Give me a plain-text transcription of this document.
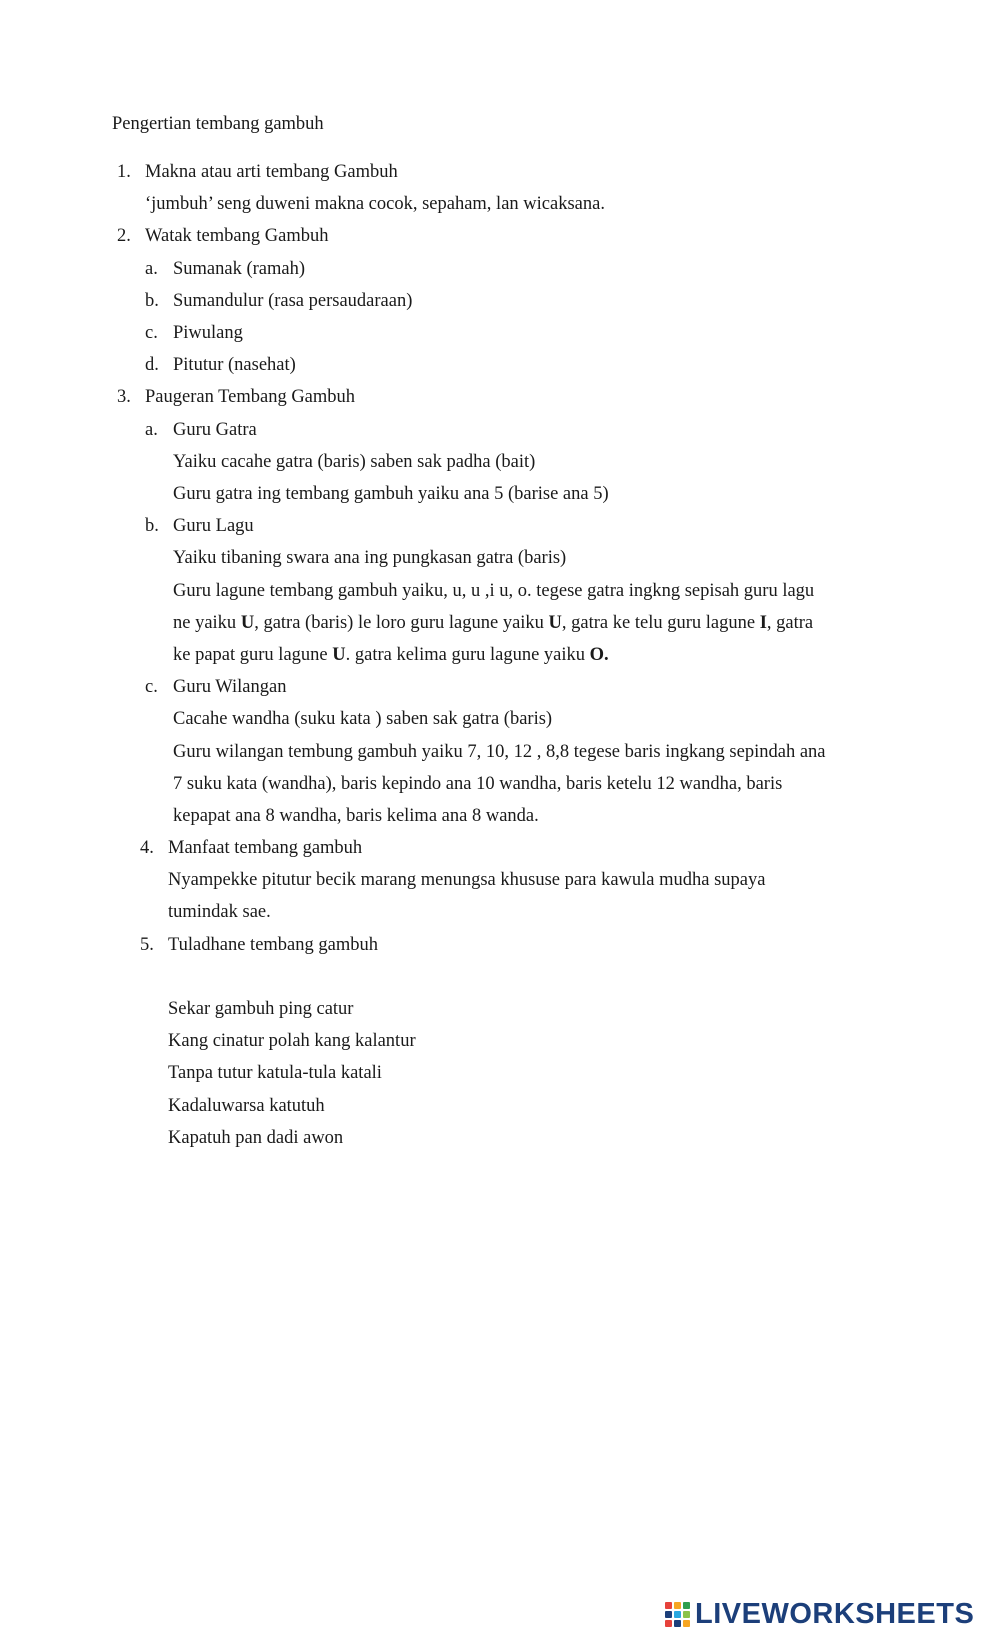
Pengertian tembang gambuh
1. Makna atau arti tembang Gambuh
‘jumbuh’ seng duweni makna cocok, sepaham, lan wicaksana.
2. Watak tembang Gambuh
a. Sumanak (ramah)
b. Sumandulur (rasa persaudaraan)
c. Piwulang
d. Pitutur (nasehat)
3. Paugeran Tembang Gambuh
a. Guru Gatra
Yaiku cacahe gatra (baris) saben sak padha (bait)
Guru gatra ing tembang gambuh yaiku ana 5 (barise ana 5)
b. Guru Lagu
Yaiku tibaning swara ana ing pungkasan gatra (baris)
Guru lagune tembang gambuh yaiku, u, u ,i u, o. tegese gatra ingkng sepisah guru lagu
ne yaiku U, gatra (baris) le loro guru lagune yaiku U, gatra ke telu guru lagune I, gatra
ke papat guru lagune U. gatra kelima guru lagune yaiku O.
c. Guru Wilangan
Cacahe wandha (suku kata ) saben sak gatra (baris)
Guru wilangan tembung gambuh yaiku 7, 10, 12 , 8,8 tegese baris ingkang sepindah ana
7 suku kata (wandha), baris kepindo ana 10 wandha, baris ketelu 12 wandha, baris
kepapat ana 8 wandha, baris kelima ana 8 wanda.
4. Manfaat tembang gambuh
Nyampekke pitutur becik marang menungsa khususe para kawula mudha supaya
tumindak sae.
5. Tuladhane tembang gambuh
Sekar gambuh ping catur
Kang cinatur polah kang kalantur
Tanpa tutur katula-tula katali
Kadaluwarsa katutuh
Kapatuh pan dadi awon
LIVEWORKSHEETS
